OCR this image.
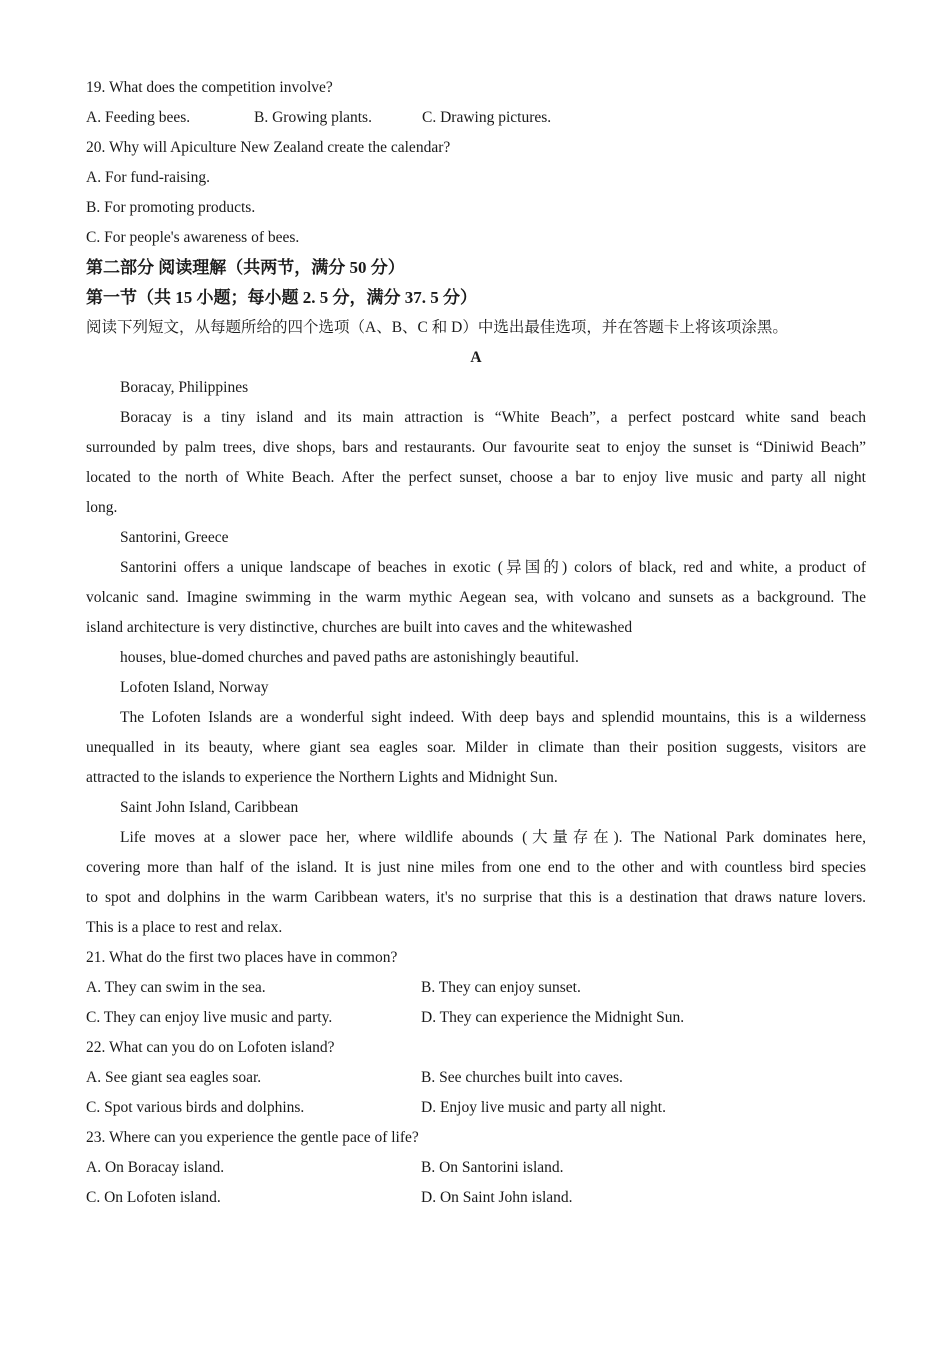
19. What does the competition involve?
A. Feeding bees.	B. Growing plants.	C. Drawing pictures.
20. Why will Apiculture New Zealand create the calendar?
A. For fund-raising.
B. For promoting products.
C. For people's awareness of bees.
第二部分 阅读理解（共两节，满分 50 分）
第一节（共 15 小题；每小题 2. 5 分，满分 37. 5 分）
阅读下列短文，从每题所给的四个选项（A、B、C 和 D）中选出最佳选项，并在答题卡上将该项涂黑。
A
Boracay, Philippines
Boracay is a tiny island and its main attraction is “White Beach”, a perfect postcard white sand beach
surrounded by palm trees, dive shops, bars and restaurants. Our favourite seat to enjoy the sunset is “Diniwid Beach”
located to the north of White Beach. After the perfect sunset, choose a bar to enjoy live music and party all night
long.
Santorini, Greece
Santorini offers a unique landscape of beaches in exotic (异国的) colors of black, red and white, a product of
volcanic sand. Imagine swimming in the warm mythic Aegean sea, with volcano and sunsets as a background. The
island architecture is very distinctive, churches are built into caves and the whitewashed
houses, blue-domed churches and paved paths are astonishingly beautiful.
Lofoten Island, Norway
The Lofoten Islands are a wonderful sight indeed. With deep bays and splendid mountains, this is a wilderness
unequalled in its beauty, where giant sea eagles soar. Milder in climate than their position suggests, visitors are
attracted to the islands to experience the Northern Lights and Midnight Sun.
Saint John Island, Caribbean
Life moves at a slower pace her, where wildlife abounds (大量存在). The National Park dominates here,
covering more than half of the island. It is just nine miles from one end to the other and with countless bird species
to spot and dolphins in the warm Caribbean waters, it's no surprise that this is a destination that draws nature lovers.
This is a place to rest and relax.
21. What do the first two places have in common?
A. They can swim in the sea.	B. They can enjoy sunset.
C. They can enjoy live music and party.	D. They can experience the Midnight Sun.
22. What can you do on Lofoten island?
A. See giant sea eagles soar.	B. See churches built into caves.
C. Spot various birds and dolphins.	D. Enjoy live music and party all night.
23. Where can you experience the gentle pace of life?
A. On Boracay island.	B. On Santorini island.
C. On Lofoten island.	D. On Saint John island.
